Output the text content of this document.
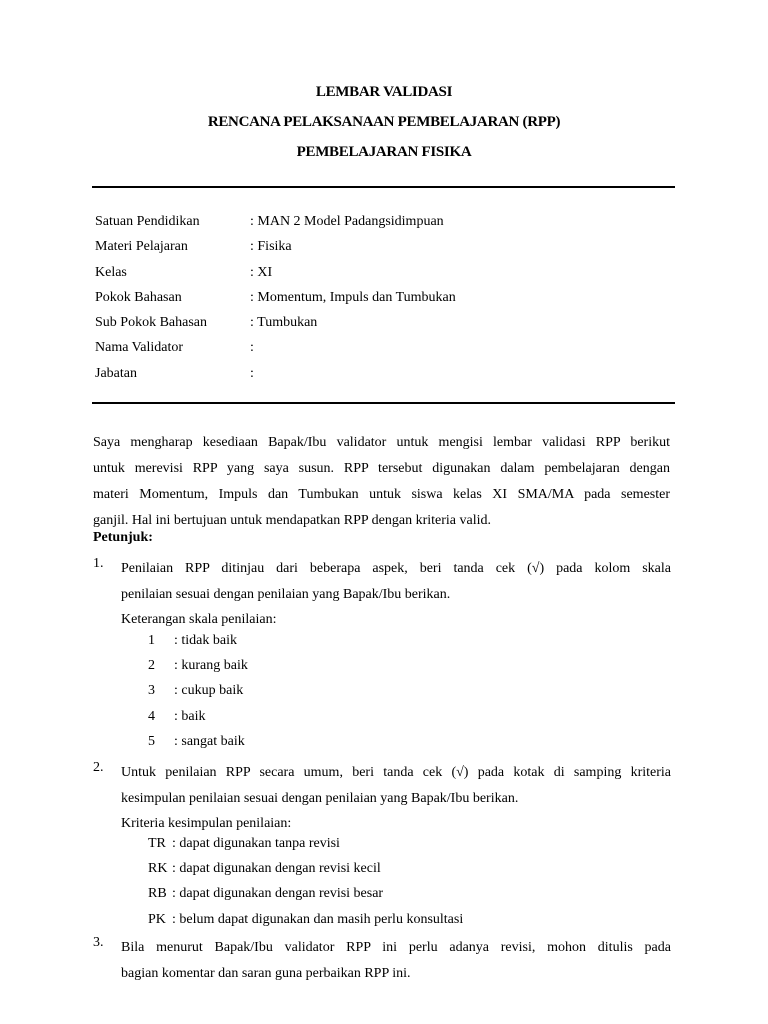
LEMBAR VALIDASI
RENCANA PELAKSANAAN PEMBELAJARAN (RPP)
PEMBELAJARAN FISIKA
Satuan Pendidikan	: MAN 2 Model Padangsidimpuan
Materi Pelajaran	: Fisika
Kelas	: XI
Pokok Bahasan	: Momentum, Impuls dan Tumbukan
Sub Pokok Bahasan	: Tumbukan
Nama Validator	:
Jabatan	:

Saya mengharap kesediaan Bapak/Ibu validator untuk mengisi lembar validasi RPP berikut

untuk merevisi RPP yang saya susun. RPP tersebut digunakan dalam pembelajaran dengan

materi Momentum, Impuls dan Tumbukan untuk siswa kelas XI SMA/MA pada semester

ganjil. Hal ini bertujuan untuk mendapatkan RPP dengan kriteria valid.

Petunjuk:
1. Penilaian RPP ditinjau dari beberapa aspek, beri tanda cek (√) pada kolom skala

penilaian sesuai dengan penilaian yang Bapak/Ibu berikan.

Keterangan skala penilaian:

1 : tidak baik
2 : kurang baik
3 : cukup baik
4 : baik
5 : sangat baik
2. Untuk penilaian RPP secara umum, beri tanda cek (√) pada kotak di samping kriteria

kesimpulan penilaian sesuai dengan penilaian yang Bapak/Ibu berikan.

Kriteria kesimpulan penilaian:

TR : dapat digunakan tanpa revisi
RK : dapat digunakan dengan revisi kecil
RB : dapat digunakan dengan revisi besar
PK : belum dapat digunakan dan masih perlu konsultasi
3. Bila menurut Bapak/Ibu validator RPP ini perlu adanya revisi, mohon ditulis pada

bagian komentar dan saran guna perbaikan RPP ini.
